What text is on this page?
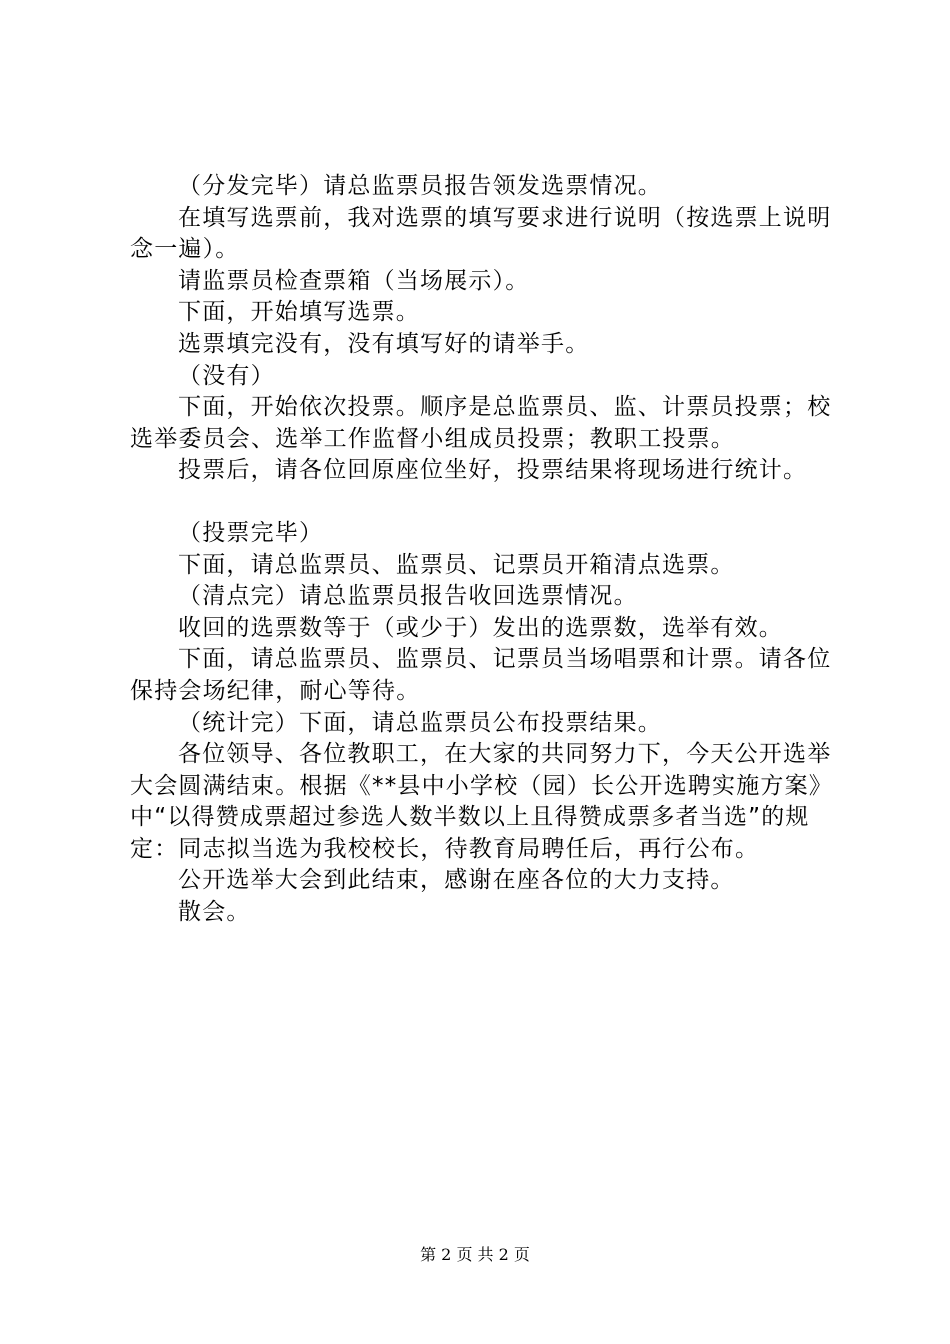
（分发完毕）请总监票员报告领发选票情况。

在填写选票前，我对选票的填写要求进行说明（按选票上说明念一遍）。

请监票员检查票箱（当场展示）。

下面，开始填写选票。

选票填完没有，没有填写好的请举手。

（没有）

下面，开始依次投票。顺序是总监票员、监、计票员投票；校选举委员会、选举工作监督小组成员投票；教职工投票。

投票后，请各位回原座位坐好，投票结果将现场进行统计。

（投票完毕）

下面，请总监票员、监票员、记票员开箱清点选票。

（清点完）请总监票员报告收回选票情况。

收回的选票数等于（或少于）发出的选票数，选举有效。

下面，请总监票员、监票员、记票员当场唱票和计票。请各位保持会场纪律，耐心等待。

（统计完）下面，请总监票员公布投票结果。

各位领导、各位教职工，在大家的共同努力下，今天公开选举大会圆满结束。根据《**县中小学校（园）长公开选聘实施方案》中“以得赞成票超过参选人数半数以上且得赞成票多者当选”的规定：同志拟当选为我校校长，待教育局聘任后，再行公布。

公开选举大会到此结束，感谢在座各位的大力支持。

散会。

第 2 页 共 2 页
